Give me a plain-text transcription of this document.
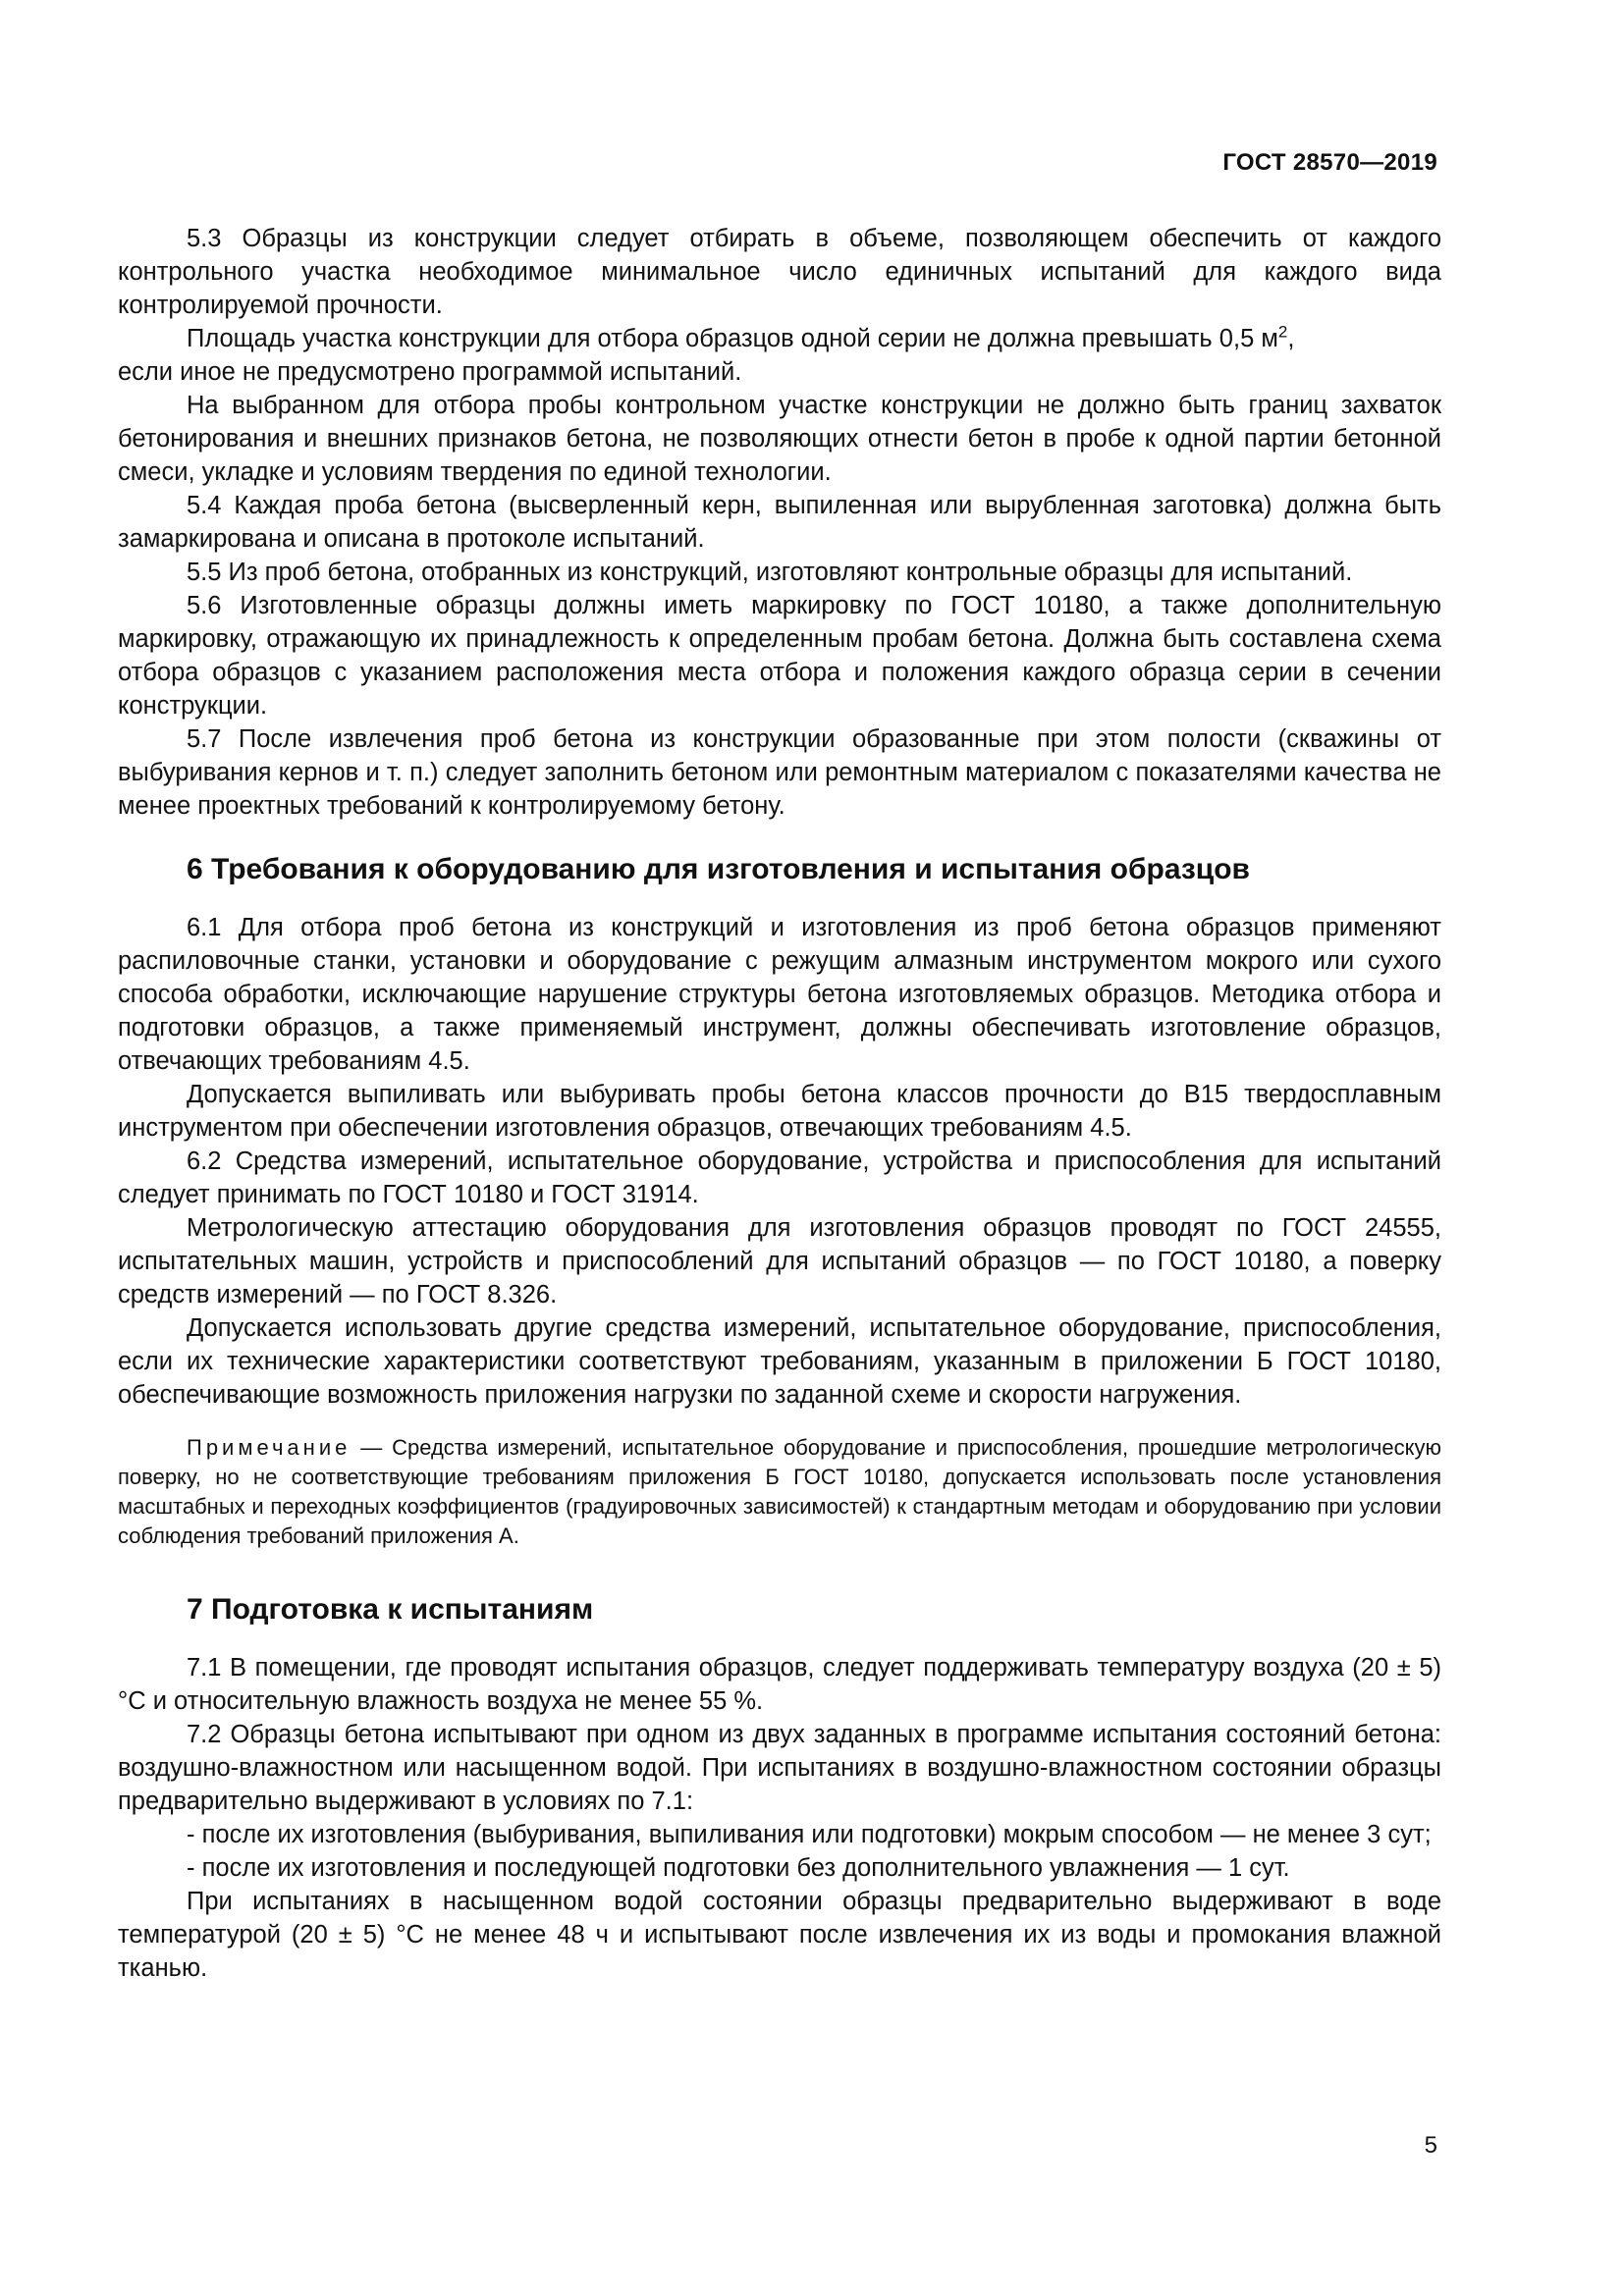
ГОСТ 28570—2019

5.3 Образцы из конструкции следует отбирать в объеме, позволяющем обеспечить от каждого контрольного участка необходимое минимальное число единичных испытаний для каждого вида контролируемой прочности.

Площадь участка конструкции для отбора образцов одной серии не должна превышать 0,5 $м^2$,

если иное не предусмотрено программой испытаний.

На выбранном для отбора пробы контрольном участке конструкции не должно быть границ захваток бетонирования и внешних признаков бетона, не позволяющих отнести бетон в пробе к одной партии бетонной смеси, укладке и условиям твердения по единой технологии.

5.4 Каждая проба бетона (высверленный керн, выпиленная или вырубленная заготовка) должна быть замаркирована и описана в протоколе испытаний.

5.5 Из проб бетона, отобранных из конструкций, изготовляют контрольные образцы для испытаний.

5.6 Изготовленные образцы должны иметь маркировку по ГОСТ 10180, а также дополнительную маркировку, отражающую их принадлежность к определенным пробам бетона. Должна быть составлена схема отбора образцов с указанием расположения места отбора и положения каждого образца серии в сечении конструкции.

5.7 После извлечения проб бетона из конструкции образованные при этом полости (скважины от выбуривания кернов и т. п.) следует заполнить бетоном или ремонтным материалом с показателями качества не менее проектных требований к контролируемому бетону.

6 Требования к оборудованию для изготовления и испытания образцов

6.1 Для отбора проб бетона из конструкций и изготовления из проб бетона образцов применяют распиловочные станки, установки и оборудование с режущим алмазным инструментом мокрого или сухого способа обработки, исключающие нарушение структуры бетона изготовляемых образцов. Методика отбора и подготовки образцов, а также применяемый инструмент, должны обеспечивать изготовление образцов, отвечающих требованиям 4.5.

Допускается выпиливать или выбуривать пробы бетона классов прочности до В15 твердосплавным инструментом при обеспечении изготовления образцов, отвечающих требованиям 4.5.

6.2 Средства измерений, испытательное оборудование, устройства и приспособления для испытаний следует принимать по ГОСТ 10180 и ГОСТ 31914.

Метрологическую аттестацию оборудования для изготовления образцов проводят по ГОСТ 24555, испытательных машин, устройств и приспособлений для испытаний образцов — по ГОСТ 10180, а поверку средств измерений — по ГОСТ 8.326.

Допускается использовать другие средства измерений, испытательное оборудование, приспособления, если их технические характеристики соответствуют требованиям, указанным в приложении Б ГОСТ 10180, обеспечивающие возможность приложения нагрузки по заданной схеме и скорости нагружения.

Примечание — Средства измерений, испытательное оборудование и приспособления, прошедшие метрологическую поверку, но не соответствующие требованиям приложения Б ГОСТ 10180, допускается использовать после установления масштабных и переходных коэффициентов (градуировочных зависимостей) к стандартным методам и оборудованию при условии соблюдения требований приложения А.

7 Подготовка к испытаниям

7.1 В помещении, где проводят испытания образцов, следует поддерживать температуру воздуха (20 ± 5) °С и относительную влажность воздуха не менее 55 %.

7.2 Образцы бетона испытывают при одном из двух заданных в программе испытания состояний бетона: воздушно-влажностном или насыщенном водой. При испытаниях в воздушно-влажностном состоянии образцы предварительно выдерживают в условиях по 7.1:

- после их изготовления (выбуривания, выпиливания или подготовки) мокрым способом — не менее 3 сут;

- после их изготовления и последующей подготовки без дополнительного увлажнения — 1 сут.

При испытаниях в насыщенном водой состоянии образцы предварительно выдерживают в воде температурой (20 ± 5) °С не менее 48 ч и испытывают после извлечения их из воды и промокания влажной тканью.

5
